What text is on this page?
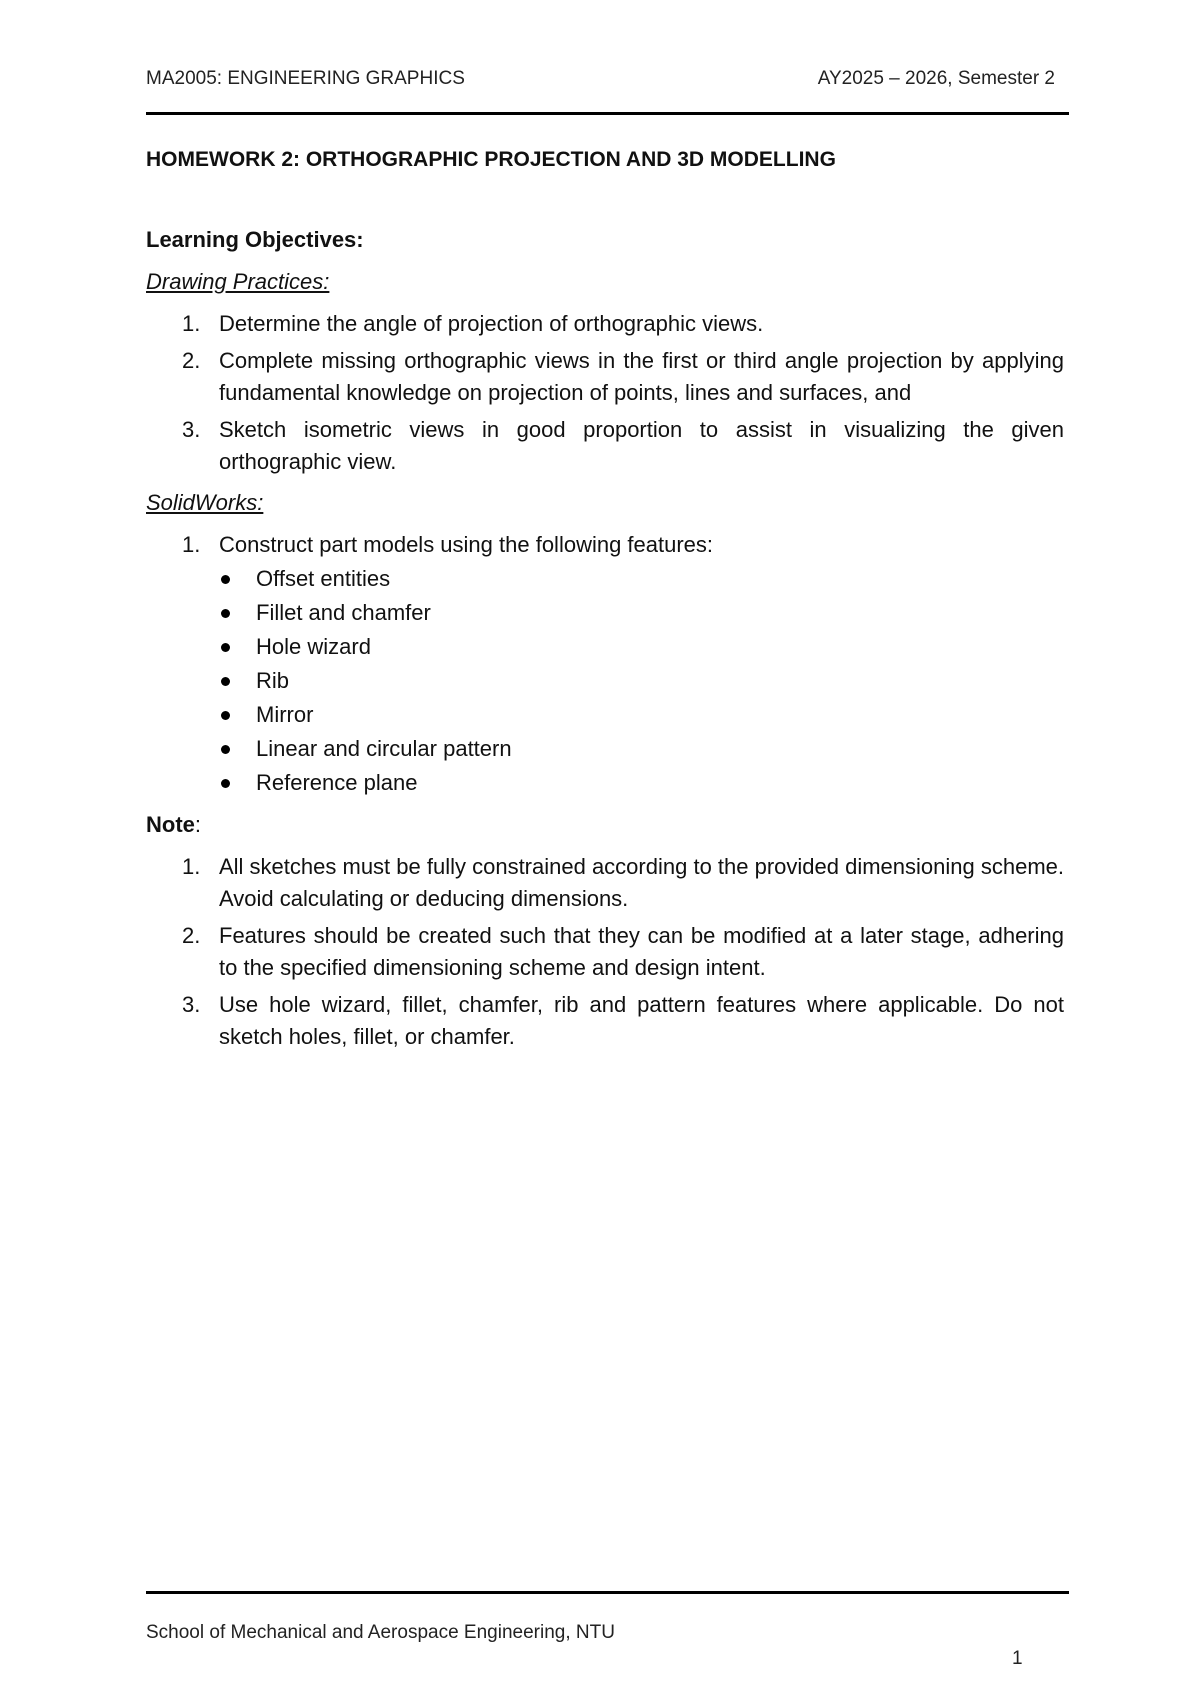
MA2005: ENGINEERING GRAPHICS	AY2025 – 2026, Semester 2
HOMEWORK 2: ORTHOGRAPHIC PROJECTION AND 3D MODELLING
Learning Objectives:
Drawing Practices:
1. Determine the angle of projection of orthographic views.
2. Complete missing orthographic views in the first or third angle projection by applying fundamental knowledge on projection of points, lines and surfaces, and
3. Sketch isometric views in good proportion to assist in visualizing the given orthographic view.
SolidWorks:
1. Construct part models using the following features:
Offset entities
Fillet and chamfer
Hole wizard
Rib
Mirror
Linear and circular pattern
Reference plane
Note:
1. All sketches must be fully constrained according to the provided dimensioning scheme. Avoid calculating or deducing dimensions.
2. Features should be created such that they can be modified at a later stage, adhering to the specified dimensioning scheme and design intent.
3. Use hole wizard, fillet, chamfer, rib and pattern features where applicable. Do not sketch holes, fillet, or chamfer.
School of Mechanical and Aerospace Engineering, NTU
1
